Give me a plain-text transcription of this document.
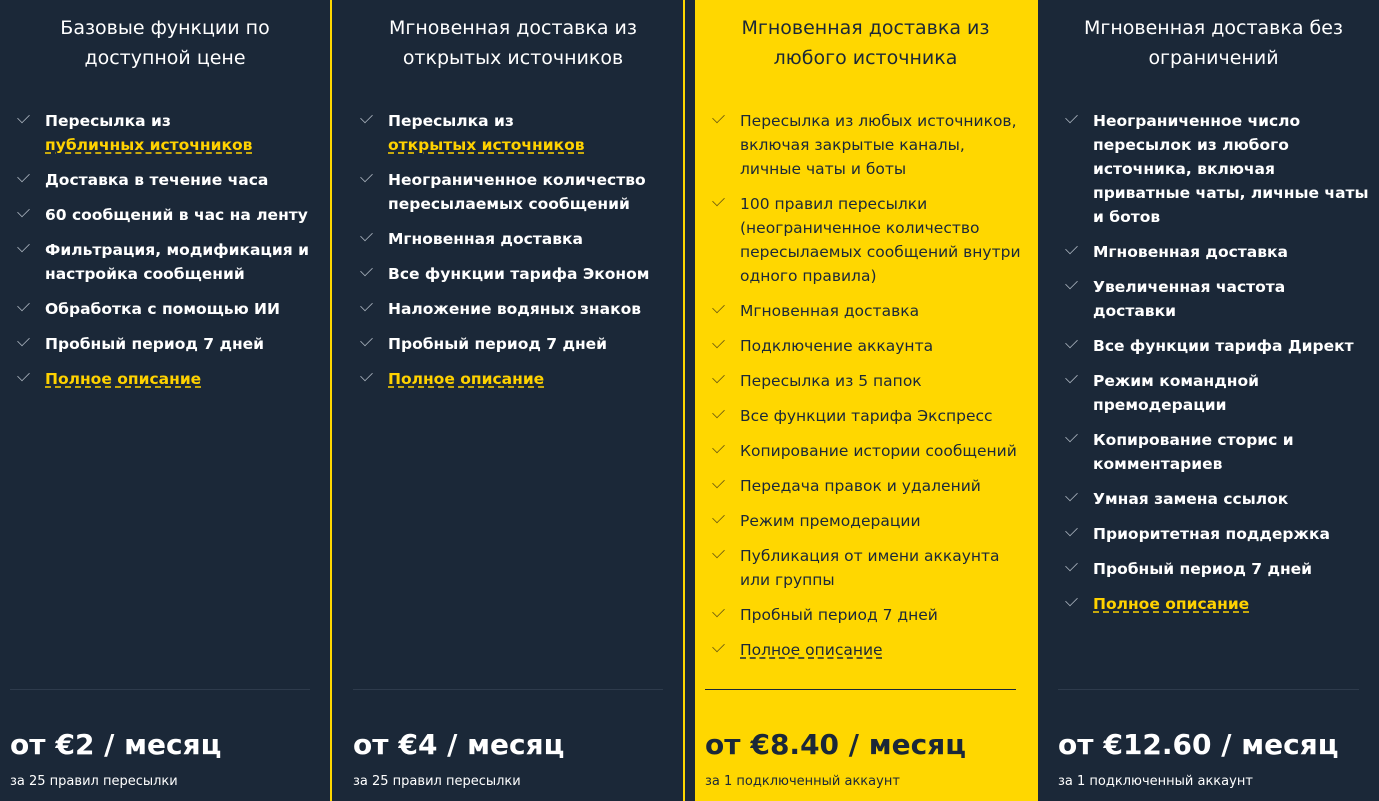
Базовые функции по доступной цене
Пересылка из
публичных источников
Доставка в течение часа
60 сообщений в час на ленту
Фильтрация, модификация и настройка сообщений
Обработка с помощью ИИ
Пробный период 7 дней
Полное описание
от €2 / месяц
за 25 правил пересылки
Мгновенная доставка из открытых источников
Пересылка из
открытых источников
Неограниченное количество пересылаемых сообщений
Мгновенная доставка
Все функции тарифа Эконом
Наложение водяных знаков
Пробный период 7 дней
Полное описание
от €4 / месяц
за 25 правил пересылки
Мгновенная доставка из любого источника
Пересылка из любых источников, включая закрытые каналы, личные чаты и боты
100 правил пересылки (неограниченное количество пересылаемых сообщений внутри одного правила)
Мгновенная доставка
Подключение аккаунта
Пересылка из 5 папок
Все функции тарифа Экспресс
Копирование истории сообщений
Передача правок и удалений
Режим премодерации
Публикация от имени аккаунта или группы
Пробный период 7 дней
Полное описание
от €8.40 / месяц
за 1 подключенный аккаунт
Мгновенная доставка без ограничений
Неограниченное число пересылок из любого источника, включая приватные чаты, личные чаты и ботов
Мгновенная доставка
Увеличенная частота доставки
Все функции тарифа Директ
Режим командной премодерации
Копирование сторис и комментариев
Умная замена ссылок
Приоритетная поддержка
Пробный период 7 дней
Полное описание
от €12.60 / месяц
за 1 подключенный аккаунт
